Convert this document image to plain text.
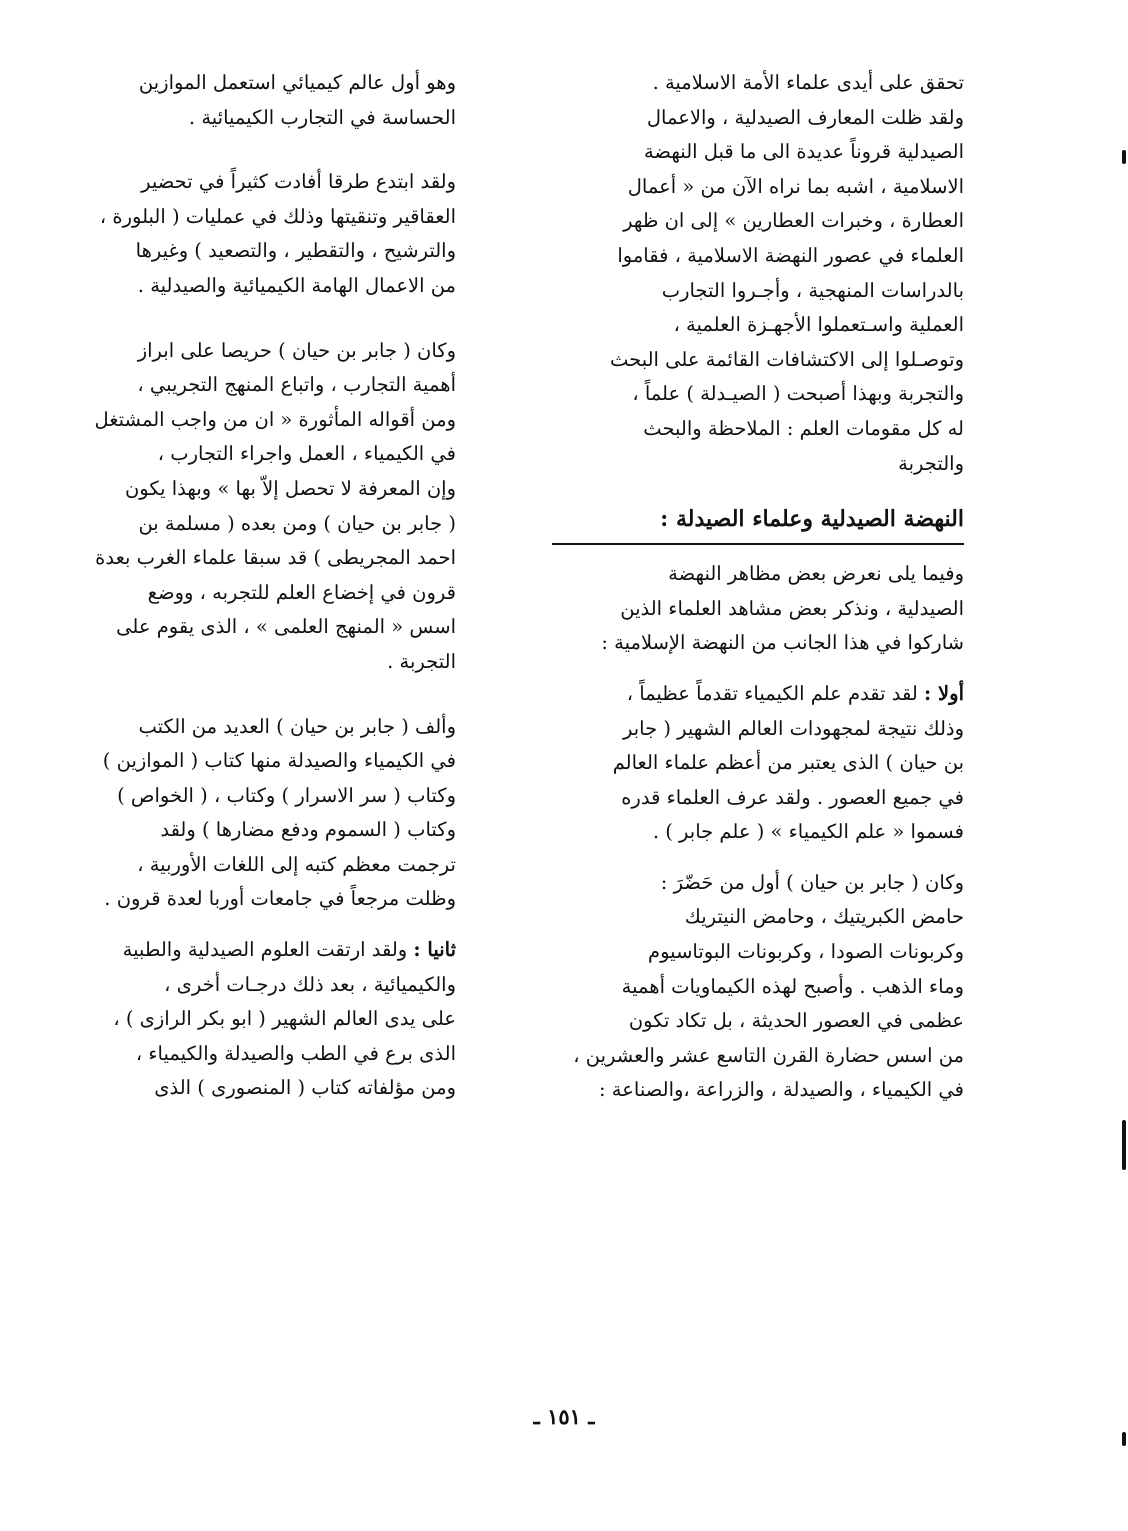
تحقق على أيدى علماء الأمة الاسلامية .
ولقد ظلت المعارف الصيدلية ، والاعمال
الصيدلية قروناً عديدة الى ما قبل النهضة
الاسلامية ، اشبه بما نراه الآن من « أعمال
العطارة ، وخبرات العطارين » إلى ان ظهر
العلماء في عصور النهضة الاسلامية ، فقاموا
بالدراسات المنهجية ، وأجـروا التجارب
العملية واسـتعملوا الأجهـزة العلمية ،
وتوصـلوا إلى الاكتشافات القائمة على البحث
والتجربة وبهذا أصبحت ( الصيـدلة ) علماً ،
له كل مقومات العلم : الملاحظة والبحث
والتجربة
النهضة الصيدلية وعلماء الصيدلة :
وفيما يلى نعرض بعض مظاهر النهضة
الصيدلية ، ونذكر بعض مشاهد العلماء الذين
شاركوا في هذا الجانب من النهضة الإسلامية :
أولا : لقد تقدم علم الكيمياء تقدماً عظيماً ،
وذلك نتيجة لمجهودات العالم الشهير ( جابر
بن حيان ) الذى يعتبر من أعظم علماء العالم
في جميع العصور . ولقد عرف العلماء قدره
فسموا « علم الكيمياء » ( علم جابر ) .
وكان ( جابر بن حيان ) أول من حَضّرَ :
حامض الكبريتيك ، وحامض النيتريك
وكربونات الصودا ، وكربونات البوتاسيوم
وماء الذهب . وأصبح لهذه الكيماويات أهمية
عظمى في العصور الحديثة ، بل تكاد تكون
من اسس حضارة القرن التاسع عشر والعشرين ،
في الكيمياء ، والصيدلة ، والزراعة ،والصناعة :
وهو أول عالم كيميائي استعمل الموازين
الحساسة في التجارب الكيميائية .
ولقد ابتدع طرقا أفادت كثيراً في تحضير
العقاقير وتنقيتها وذلك في عمليات ( البلورة ،
والترشيح ، والتقطير ، والتصعيد ) وغيرها
من الاعمال الهامة الكيميائية والصيدلية .
وكان ( جابر بن حيان ) حريصا على ابراز
أهمية التجارب ، واتباع المنهج التجريبي ،
ومن أقواله المأثورة « ان من واجب المشتغل
في الكيمياء ، العمل واجراء التجارب ،
وإن المعرفة لا تحصل إلاّ بها » وبهذا يكون
( جابر بن حيان ) ومن بعده ( مسلمة بن
احمد المجريطى ) قد سبقا علماء الغرب بعدة
قرون في إخضاع العلم للتجربه ، ووضع
اسس « المنهج العلمى » ، الذى يقوم على
التجربة .
وألف ( جابر بن حيان ) العديد من الكتب
في الكيمياء والصيدلة منها كتاب ( الموازين )
وكتاب ( سر الاسرار ) وكتاب ، ( الخواص )
وكتاب ( السموم ودفع مضارها ) ولقد
ترجمت معظم كتبه إلى اللغات الأوربية ،
وظلت مرجعاً في جامعات أوربا لعدة قرون .
ثانيا : ولقد ارتقت العلوم الصيدلية والطبية
والكيميائية ، بعد ذلك درجـات أخرى ،
على يدى العالم الشهير ( ابو بكر الرازى ) ،
الذى برع في الطب والصيدلة والكيمياء ،
ومن مؤلفاته كتاب ( المنصورى ) الذى
ـ ١٥١ ـ
